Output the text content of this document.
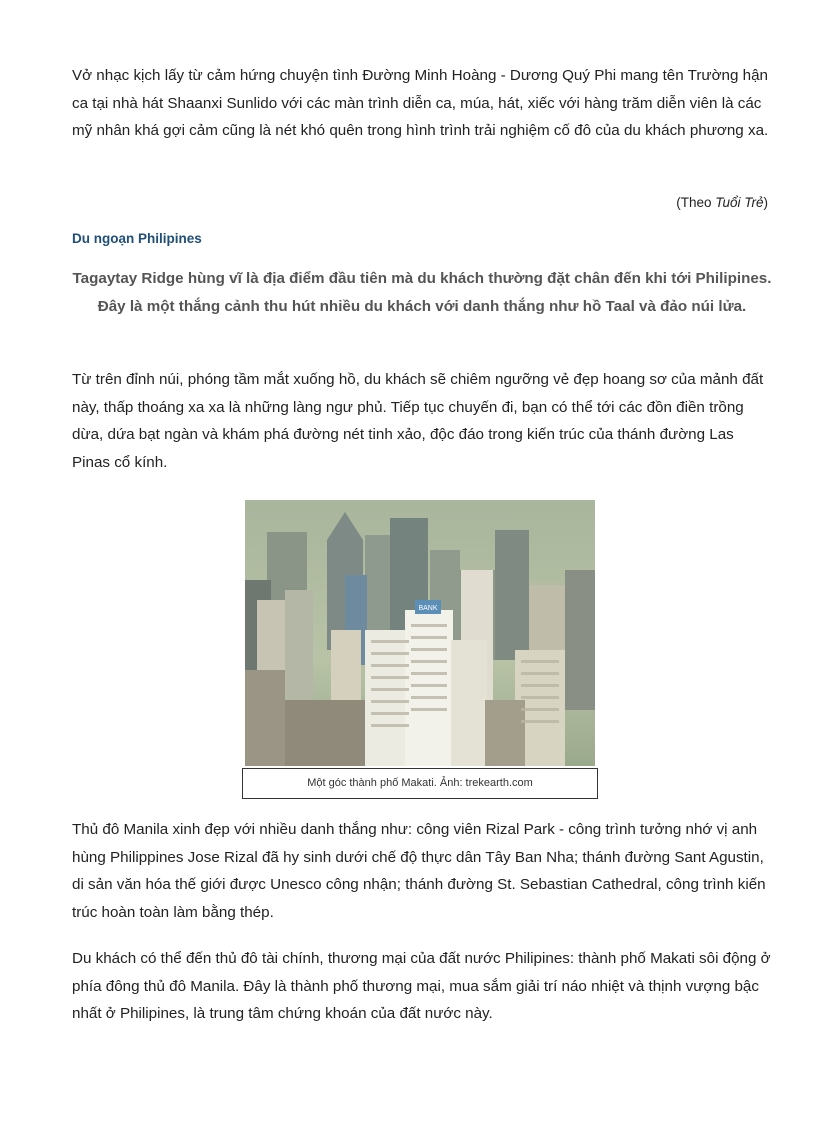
Vở nhạc kịch lấy từ cảm hứng chuyện tình Đường Minh Hoàng - Dương Quý Phi mang tên Trường hận ca tại nhà hát Shaanxi Sunlido với các màn trình diễn ca, múa, hát, xiếc với hàng trăm diễn viên là các mỹ nhân khá gợi cảm cũng là nét khó quên trong hình trình trải nghiệm cố đô của du khách phương xa.

(Theo Tuổi Trẻ)
Du ngoạn Philipines

Tagaytay Ridge hùng vĩ là địa điểm đầu tiên mà du khách thường đặt chân đến khi tới Philipines. Đây là một thắng cảnh thu hút nhiều du khách với danh thắng như hồ Taal và đảo núi lửa.

Từ trên đỉnh núi, phóng tầm mắt xuống hồ, du khách sẽ chiêm ngưỡng vẻ đẹp hoang sơ của mảnh đất này, thấp thoáng xa xa là những làng ngư phủ. Tiếp tục chuyến đi, bạn có thể tới các đồn điền trồng dừa, dứa bạt ngàn và khám phá đường nét tinh xảo, độc đáo trong kiến trúc của thánh đường Las Pinas cổ kính.

BANK
Một góc thành phố Makati. Ảnh: trekearth.com

Thủ đô Manila xinh đẹp với nhiều danh thắng như: công viên Rizal Park - công trình tưởng nhớ vị anh hùng Philippines Jose Rizal đã hy sinh dưới chế độ thực dân Tây Ban Nha; thánh đường Sant Agustin, di sản văn hóa thế giới được Unesco công nhận; thánh đường St. Sebastian Cathedral, công trình kiến trúc hoàn toàn làm bằng thép.

Du khách có thể đến thủ đô tài chính, thương mại của đất nước Philipines: thành phố Makati sôi động ở phía đông thủ đô Manila. Đây là thành phố thương mại, mua sắm giải trí náo nhiệt và thịnh vượng bậc nhất ở Philipines, là trung tâm chứng khoán của đất nước này.
